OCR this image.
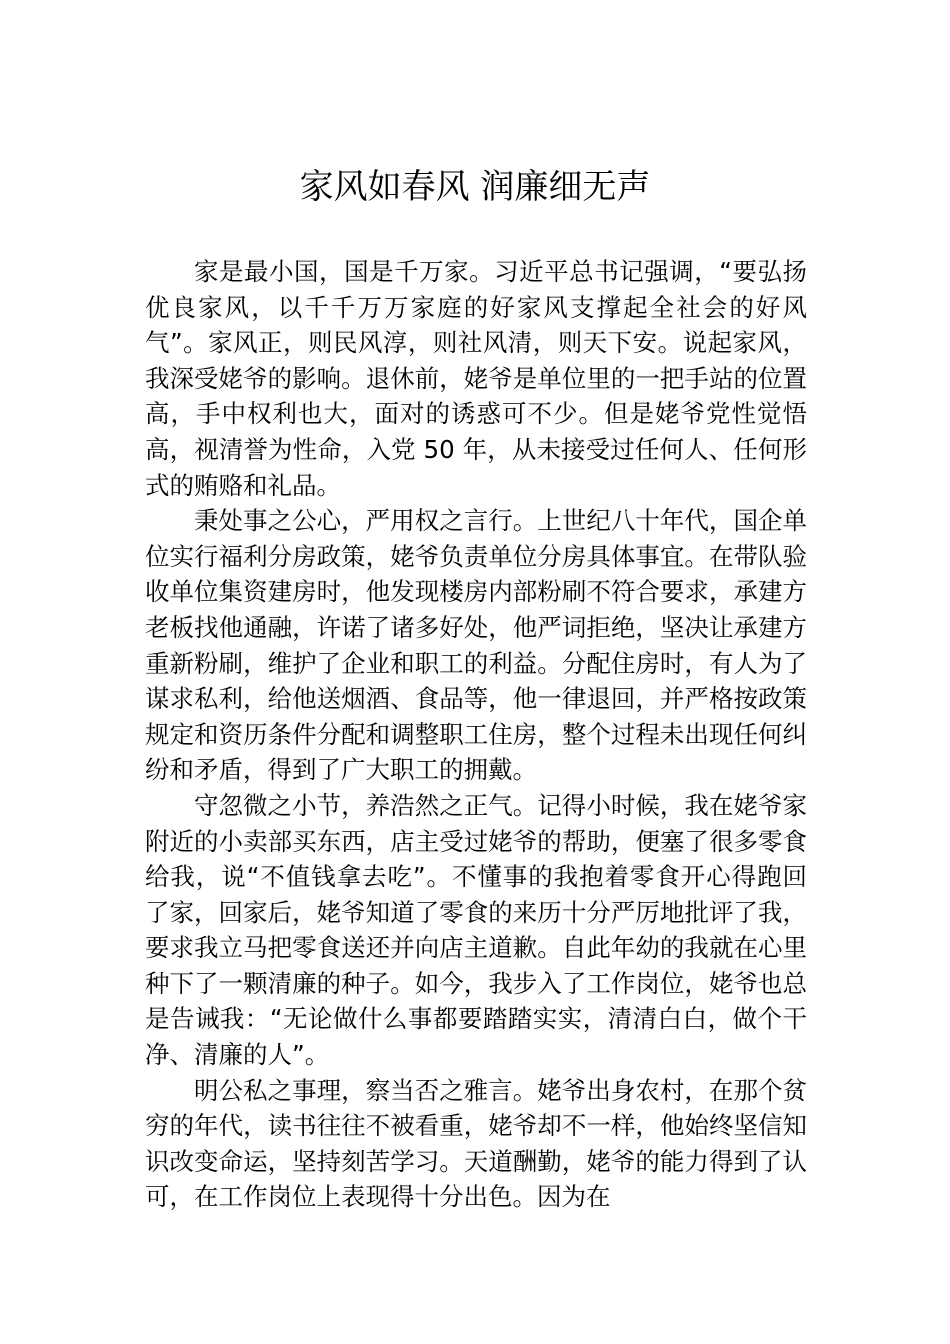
家风如春风 润廉细无声

家是最小国，国是千万家。习近平总书记强调，“要弘扬优良家风，以千千万万家庭的好家风支撑起全社会的好风气”。家风正，则民风淳，则社风清，则天下安。说起家风，我深受姥爷的影响。退休前，姥爷是单位里的一把手站的位置高，手中权利也大，面对的诱惑可不少。但是姥爷党性觉悟高，视清誉为性命，入党 50 年，从未接受过任何人、任何形式的贿赂和礼品。

秉处事之公心，严用权之言行。上世纪八十年代，国企单位实行福利分房政策，姥爷负责单位分房具体事宜。在带队验收单位集资建房时，他发现楼房内部粉刷不符合要求，承建方老板找他通融，许诺了诸多好处，他严词拒绝，坚决让承建方重新粉刷，维护了企业和职工的利益。分配住房时，有人为了谋求私利，给他送烟酒、食品等，他一律退回，并严格按政策规定和资历条件分配和调整职工住房，整个过程未出现任何纠纷和矛盾，得到了广大职工的拥戴。

守忽微之小节，养浩然之正气。记得小时候，我在姥爷家附近的小卖部买东西，店主受过姥爷的帮助，便塞了很多零食给我，说“不值钱拿去吃”。不懂事的我抱着零食开心得跑回了家，回家后，姥爷知道了零食的来历十分严厉地批评了我，要求我立马把零食送还并向店主道歉。自此年幼的我就在心里种下了一颗清廉的种子。如今，我步入了工作岗位，姥爷也总是告诫我：“无论做什么事都要踏踏实实，清清白白，做个干净、清廉的人”。

明公私之事理，察当否之雅言。姥爷出身农村，在那个贫穷的年代，读书往往不被看重，姥爷却不一样，他始终坚信知识改变命运，坚持刻苦学习。天道酬勤，姥爷的能力得到了认可，在工作岗位上表现得十分出色。因为在
